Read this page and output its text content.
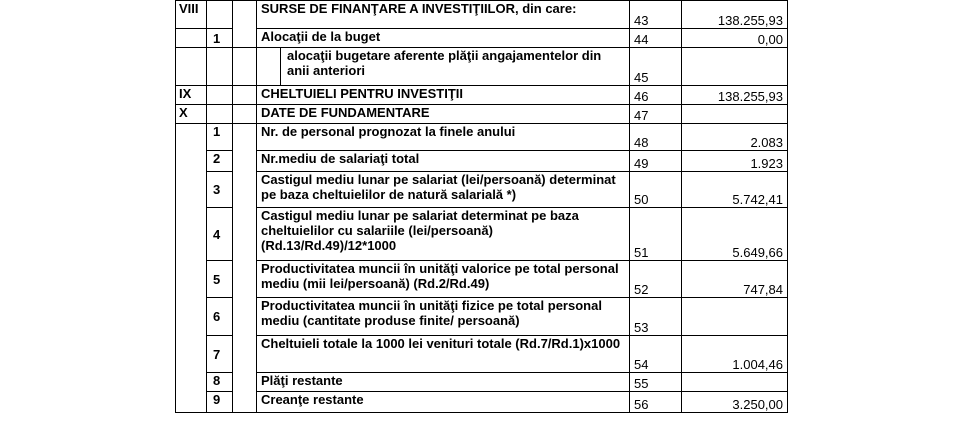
VIII			SURSE DE FINANŢARE A INVESTIŢIILOR, din care:		43	138.255,93
	1		Alocaţii de la buget		44	0,00
				alocaţii bugetare aferente plăţii angajamentelor din anii anteriori	45	
IX			CHELTUIELI PENTRU INVESTIŢII		46	138.255,93
X			DATE DE FUNDAMENTARE		47	
	1		Nr. de personal prognozat la finele anului		48	2.083
	2		Nr.mediu de salariaţi total		49	1.923
	3		Castigul mediu lunar pe salariat (lei/persoană) determinat pe baza cheltuielilor de natură salarială *)		50	5.742,41
	4		Castigul mediu lunar pe salariat determinat pe baza cheltuielilor cu salariile (lei/persoană) (Rd.13/Rd.49)/12*1000		51	5.649,66
	5		Productivitatea muncii în unităţi valorice pe total personal mediu (mii lei/persoană) (Rd.2/Rd.49)		52	747,84
	6		Productivitatea muncii în unităţi fizice pe total personal mediu (cantitate produse finite/ persoană)		53	
	7		Cheltuieli totale la 1000 lei venituri totale (Rd.7/Rd.1)x1000		54	1.004,46
	8		Plăţi restante		55	
	9		Creanţe restante		56	3.250,00
